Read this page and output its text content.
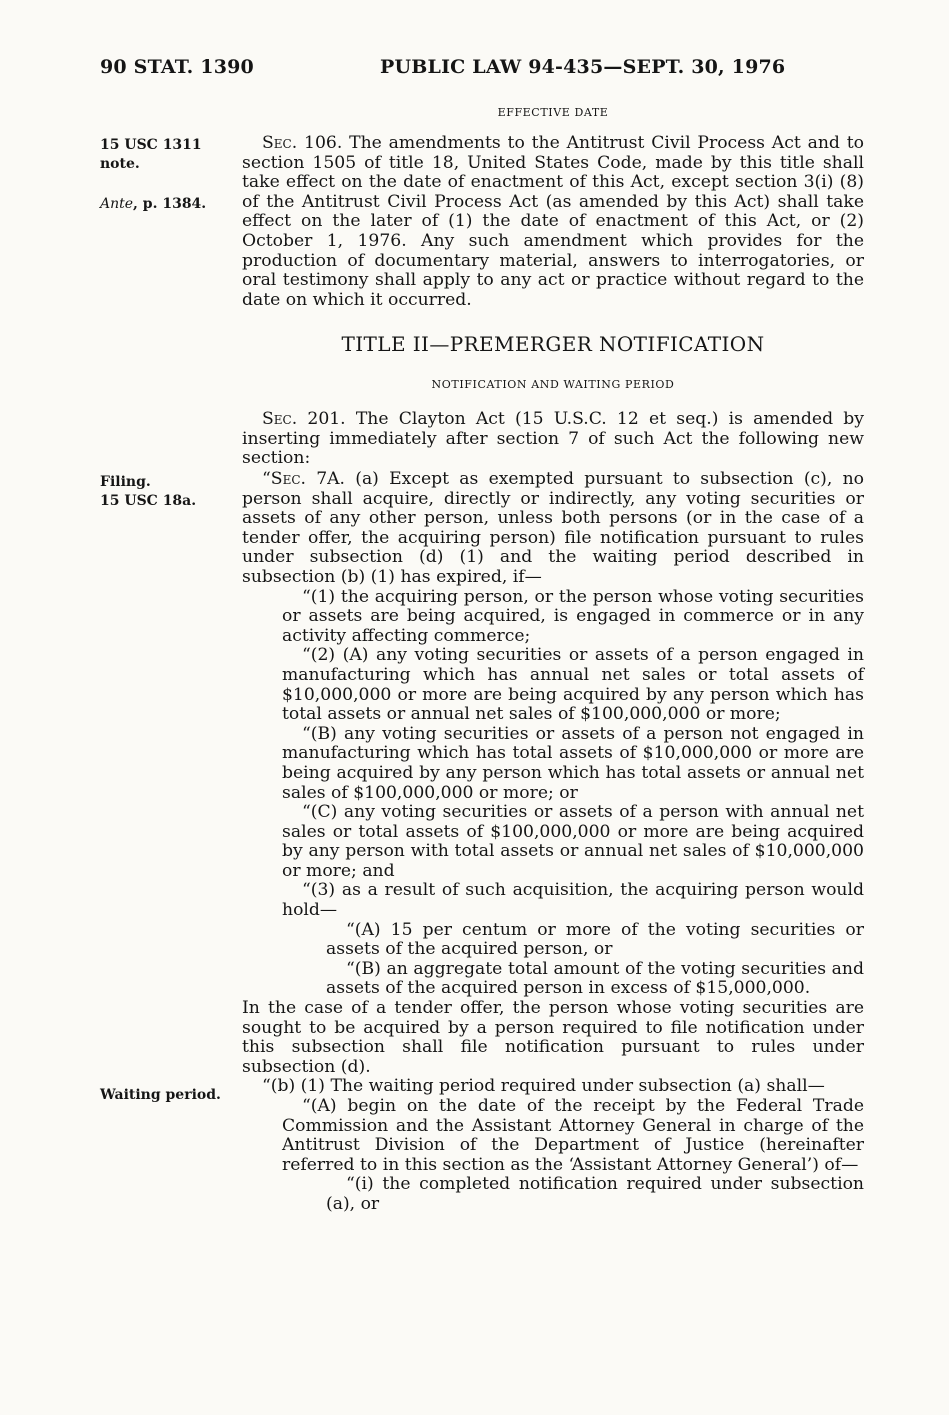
90 STAT. 1390	PUBLIC LAW 94-435—SEPT. 30, 1976
15 USC 1311
note.
Ante, p. 1384.
Filing.
15 USC 18a.
Waiting period.
EFFECTIVE DATE

Sec. 106. The amendments to the Antitrust Civil Process Act and to section 1505 of title 18, United States Code, made by this title shall take effect on the date of enactment of this Act, except section 3(i) (8) of the Antitrust Civil Process Act (as amended by this Act) shall take effect on the later of (1) the date of enactment of this Act, or (2) October 1, 1976. Any such amendment which provides for the production of documentary material, answers to interrogatories, or oral testimony shall apply to any act or practice without regard to the date on which it occurred.

TITLE II—PREMERGER NOTIFICATION
NOTIFICATION AND WAITING PERIOD

Sec. 201. The Clayton Act (15 U.S.C. 12 et seq.) is amended by inserting immediately after section 7 of such Act the following new section:

“Sec. 7A. (a) Except as exempted pursuant to subsection (c), no person shall acquire, directly or indirectly, any voting securities or assets of any other person, unless both persons (or in the case of a tender offer, the acquiring person) file notification pursuant to rules under subsection (d) (1) and the waiting period described in subsection (b) (1) has expired, if—

“(1) the acquiring person, or the person whose voting securities or assets are being acquired, is engaged in commerce or in any activity affecting commerce;

“(2) (A) any voting securities or assets of a person engaged in manufacturing which has annual net sales or total assets of $10,000,000 or more are being acquired by any person which has total assets or annual net sales of $100,000,000 or more;

“(B) any voting securities or assets of a person not engaged in manufacturing which has total assets of $10,000,000 or more are being acquired by any person which has total assets or annual net sales of $100,000,000 or more; or

“(C) any voting securities or assets of a person with annual net sales or total assets of $100,000,000 or more are being acquired by any person with total assets or annual net sales of $10,000,000 or more; and

“(3) as a result of such acquisition, the acquiring person would hold—

“(A) 15 per centum or more of the voting securities or assets of the acquired person, or

“(B) an aggregate total amount of the voting securities and assets of the acquired person in excess of $15,000,000.

In the case of a tender offer, the person whose voting securities are sought to be acquired by a person required to file notification under this subsection shall file notification pursuant to rules under subsection (d).

“(b) (1) The waiting period required under subsection (a) shall—

“(A) begin on the date of the receipt by the Federal Trade Commission and the Assistant Attorney General in charge of the Antitrust Division of the Department of Justice (hereinafter referred to in this section as the ‘Assistant Attorney General’) of—

“(i) the completed notification required under subsection (a), or
